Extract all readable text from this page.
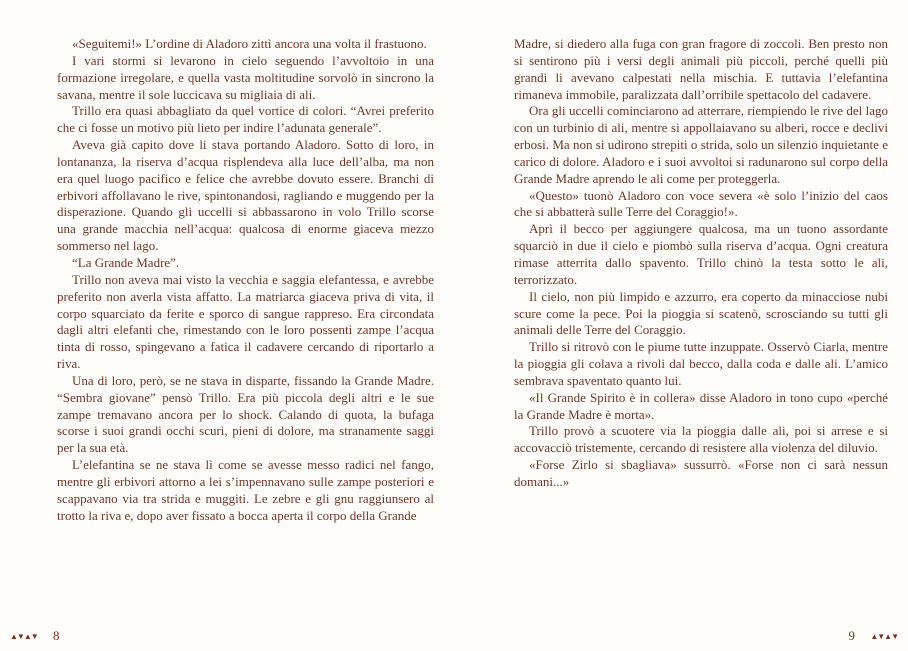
«Seguitemi!» L’ordine di Aladoro zittì ancora una volta il frastuono.

I vari stormi si levarono in cielo seguendo l’avvoltoio in una formazione irregolare, e quella vasta moltitudine sorvolò in sincrono la savana, mentre il sole luccicava su migliaia di ali.

Trillo era quasi abbagliato da quel vortice di colori. “Avrei preferito che ci fosse un motivo più lieto per indire l’adunata generale”.

Aveva già capito dove li stava portando Aladoro. Sotto di loro, in lontananza, la riserva d’acqua risplendeva alla luce dell’alba, ma non era quel luogo pacifico e felice che avrebbe dovuto essere. Branchi di erbivori affollavano le rive, spintonandosi, ragliando e muggendo per la disperazione. Quando gli uccelli si abbassarono in volo Trillo scorse una grande macchia nell’acqua: qualcosa di enorme giaceva mezzo sommerso nel lago.

“La Grande Madre”.

Trillo non aveva mai visto la vecchia e saggia elefantessa, e avrebbe preferito non averla vista affatto. La matriarca giaceva priva di vita, il corpo squarciato da ferite e sporco di sangue rappreso. Era circondata dagli altri elefanti che, rimestando con le loro possenti zampe l’acqua tinta di rosso, spingevano a fatica il cadavere cercando di riportarlo a riva.

Una di loro, però, se ne stava in disparte, fissando la Grande Madre. “Sembra giovane” pensò Trillo. Era più piccola degli altri e le sue zampe tremavano ancora per lo shock. Calando di quota, la bufaga scorse i suoi grandi occhi scuri, pieni di dolore, ma stranamente saggi per la sua età.

L’elefantina se ne stava lì come se avesse messo radici nel fango, mentre gli erbivori attorno a lei s’impennavano sulle zampe posteriori e scappavano via tra strida e muggiti. Le zebre e gli gnu raggiunsero al trotto la riva e, dopo aver fissato a bocca aperta il corpo della Grande

Madre, si diedero alla fuga con gran fragore di zoccoli. Ben presto non si sentirono più i versi degli animali più piccoli, perché quelli più grandi li avevano calpestati nella mischia. E tuttavia l’elefantina rimaneva immobile, paralizzata dall’orribile spettacolo del cadavere.

Ora gli uccelli cominciarono ad atterrare, riempiendo le rive del lago con un turbinio di ali, mentre si appollaiavano su alberi, rocce e declivi erbosi. Ma non si udirono strepiti o strida, solo un silenzio inquietante e carico di dolore. Aladoro e i suoi avvoltoi si radunarono sul corpo della Grande Madre aprendo le ali come per proteggerla.

«Questo» tuonò Aladoro con voce severa «è solo l’inizio del caos che si abbatterà sulle Terre del Coraggio!».

Aprì il becco per aggiungere qualcosa, ma un tuono assordante squarciò in due il cielo e piombò sulla riserva d’acqua. Ogni creatura rimase atterrita dallo spavento. Trillo chinò la testa sotto le ali, terrorizzato.

Il cielo, non più limpido e azzurro, era coperto da minacciose nubi scure come la pece. Poi la pioggia si scatenò, scrosciando su tutti gli animali delle Terre del Coraggio.

Trillo si ritrovò con le piume tutte inzuppate. Osservò Ciarla, mentre la pioggia gli colava a rivoli dal becco, dalla coda e dalle ali. L’amico sembrava spaventato quanto lui.

«Il Grande Spirito è in collera» disse Aladoro in tono cupo «perché la Grande Madre è morta».

Trillo provò a scuotere via la pioggia dalle ali, poi si arrese e si accovacciò tristemente, cercando di resistere alla violenza del diluvio.

«Forse Zirlo si sbagliava» sussurrò. «Forse non ci sarà nessun domani...»

▲▼▲▼ 8	9 ▲▼▲▼
